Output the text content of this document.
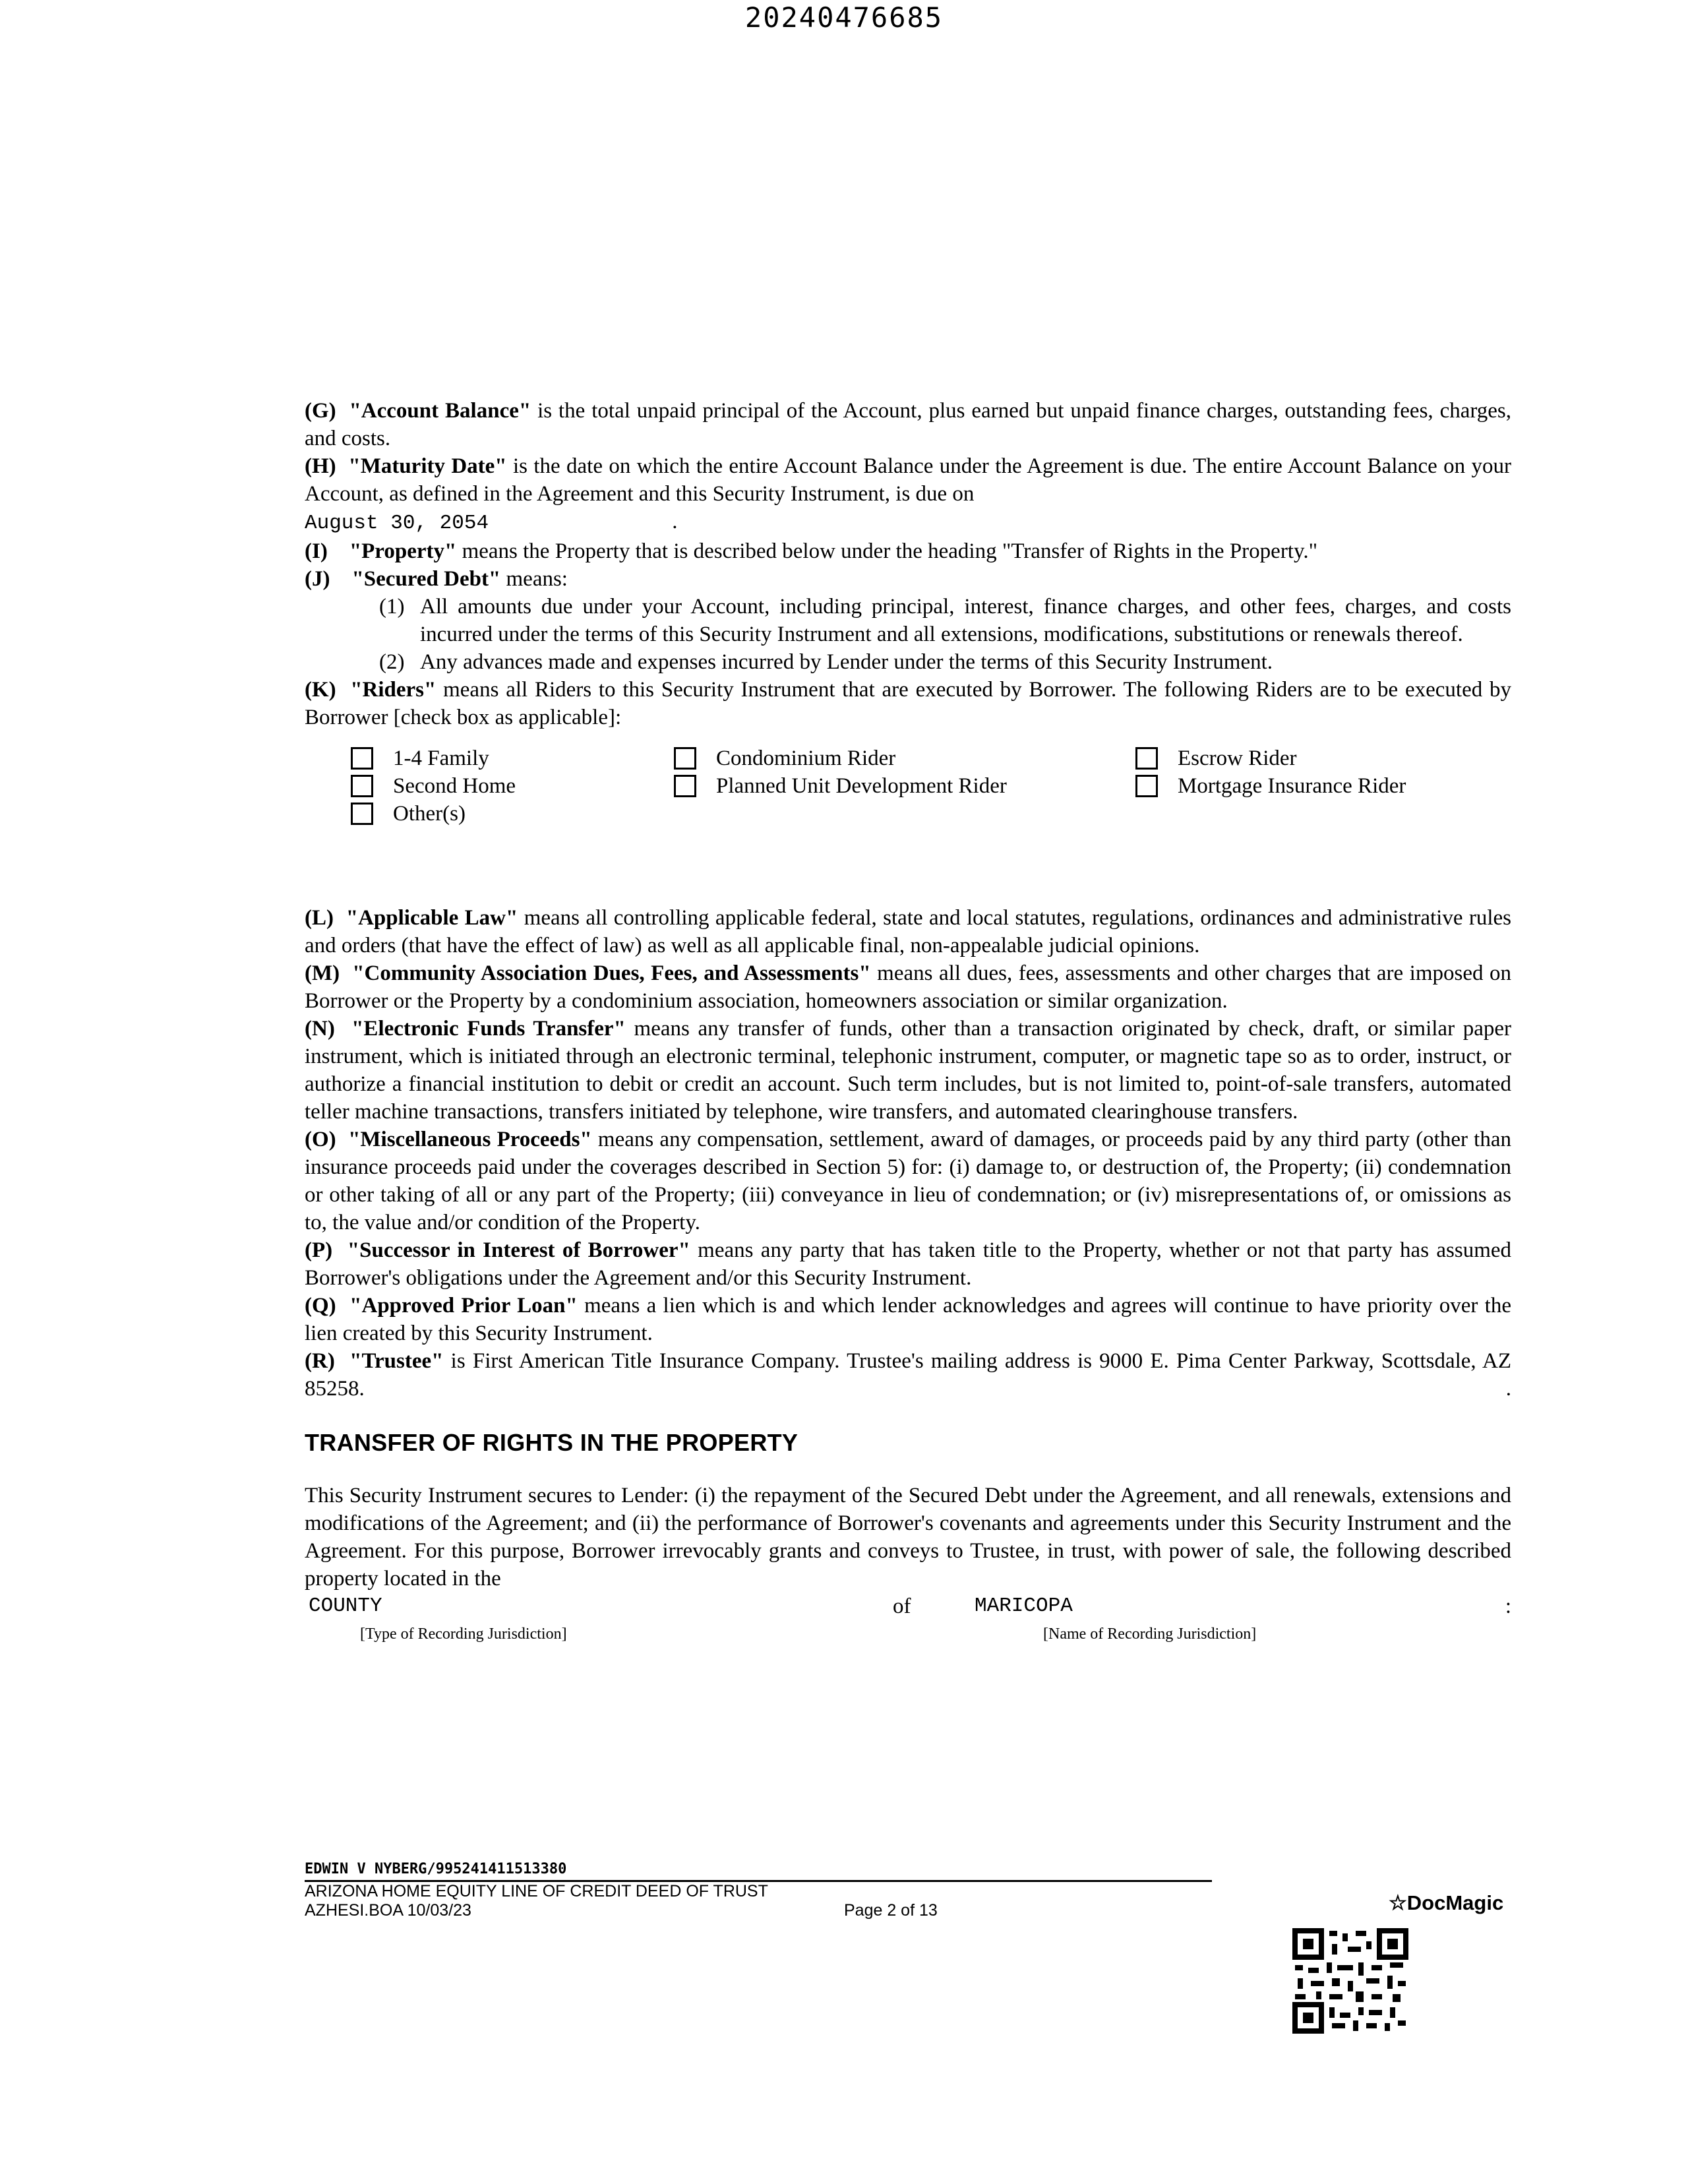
20240476685
(G) "Account Balance" is the total unpaid principal of the Account, plus earned but unpaid finance charges, outstanding fees, charges, and costs.
(H) "Maturity Date" is the date on which the entire Account Balance under the Agreement is due. The entire Account Balance on your Account, as defined in the Agreement and this Security Instrument, is due on
August 30, 2054	.
(I) "Property" means the Property that is described below under the heading "Transfer of Rights in the Property."
(J) "Secured Debt" means:
(1) All amounts due under your Account, including principal, interest, finance charges, and other fees, charges, and costs incurred under the terms of this Security Instrument and all extensions, modifications, substitutions or renewals thereof.
(2) Any advances made and expenses incurred by Lender under the terms of this Security Instrument.
(K) "Riders" means all Riders to this Security Instrument that are executed by Borrower. The following Riders are to be executed by Borrower [check box as applicable]:
1-4 Family	Condominium Rider	Escrow Rider
Second Home	Planned Unit Development Rider	Mortgage Insurance Rider
Other(s)
(L) "Applicable Law" means all controlling applicable federal, state and local statutes, regulations, ordinances and administrative rules and orders (that have the effect of law) as well as all applicable final, non-appealable judicial opinions.
(M) "Community Association Dues, Fees, and Assessments" means all dues, fees, assessments and other charges that are imposed on Borrower or the Property by a condominium association, homeowners association or similar organization.
(N) "Electronic Funds Transfer" means any transfer of funds, other than a transaction originated by check, draft, or similar paper instrument, which is initiated through an electronic terminal, telephonic instrument, computer, or magnetic tape so as to order, instruct, or authorize a financial institution to debit or credit an account. Such term includes, but is not limited to, point-of-sale transfers, automated teller machine transactions, transfers initiated by telephone, wire transfers, and automated clearinghouse transfers.
(O) "Miscellaneous Proceeds" means any compensation, settlement, award of damages, or proceeds paid by any third party (other than insurance proceeds paid under the coverages described in Section 5) for: (i) damage to, or destruction of, the Property; (ii) condemnation or other taking of all or any part of the Property; (iii) conveyance in lieu of condemnation; or (iv) misrepresentations of, or omissions as to, the value and/or condition of the Property.
(P) "Successor in Interest of Borrower" means any party that has taken title to the Property, whether or not that party has assumed Borrower's obligations under the Agreement and/or this Security Instrument.
(Q) "Approved Prior Loan" means a lien which is and which lender acknowledges and agrees will continue to have priority over the lien created by this Security Instrument.
(R) "Trustee" is First American Title Insurance Company. Trustee's mailing address is 9000 E. Pima Center Parkway, Scottsdale, AZ 85258.	.
TRANSFER OF RIGHTS IN THE PROPERTY
This Security Instrument secures to Lender: (i) the repayment of the Secured Debt under the Agreement, and all renewals, extensions and modifications of the Agreement; and (ii) the performance of Borrower's covenants and agreements under this Security Instrument and the Agreement. For this purpose, Borrower irrevocably grants and conveys to Trustee, in trust, with power of sale, the following described property located in the
COUNTY	of	MARICOPA	:
[Type of Recording Jurisdiction]	[Name of Recording Jurisdiction]
EDWIN V NYBERG/995241411513380
ARIZONA HOME EQUITY LINE OF CREDIT DEED OF TRUST
AZHESI.BOA 10/03/23	Page 2 of 13	☆DocMagic
